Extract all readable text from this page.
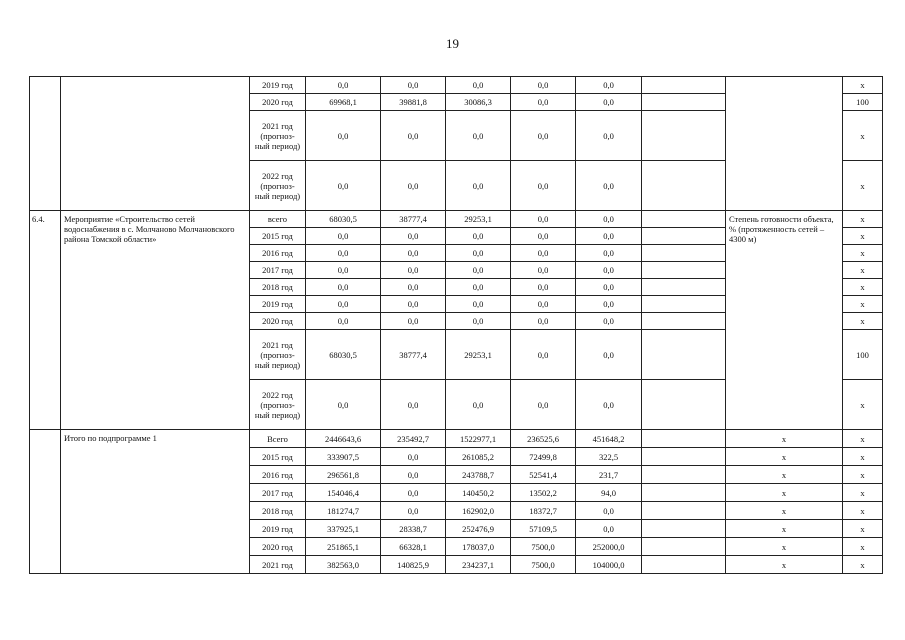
19
		2019 год	0,0	0,0	0,0	0,0	0,0			x
		2020 год	69968,1	39881,8	30086,3	0,0	0,0			100
		2021 год (прогноз-ный период)	0,0	0,0	0,0	0,0	0,0			x
		2022 год (прогноз-ный период)	0,0	0,0	0,0	0,0	0,0			x
6.4.	Мероприятие «Строительство сетей водоснабжения в с. Молчаново Молчановского района Томской области»	всего	68030,5	38777,4	29253,1	0,0	0,0		Степень готовности объекта, % (протяженность сетей – 4300 м)	x
		2015 год	0,0	0,0	0,0	0,0	0,0			x
		2016 год	0,0	0,0	0,0	0,0	0,0			x
		2017 год	0,0	0,0	0,0	0,0	0,0			x
		2018 год	0,0	0,0	0,0	0,0	0,0			x
		2019 год	0,0	0,0	0,0	0,0	0,0			x
		2020 год	0,0	0,0	0,0	0,0	0,0			x
		2021 год (прогноз-ный период)	68030,5	38777,4	29253,1	0,0	0,0			100
		2022 год (прогноз-ный период)	0,0	0,0	0,0	0,0	0,0			x
	Итого по подпрограмме 1	Всего	2446643,6	235492,7	1522977,1	236525,6	451648,2		x	x
		2015 год	333907,5	0,0	261085,2	72499,8	322,5		x	x
		2016 год	296561,8	0,0	243788,7	52541,4	231,7		x	x
		2017 год	154046,4	0,0	140450,2	13502,2	94,0		x	x
		2018 год	181274,7	0,0	162902,0	18372,7	0,0		x	x
		2019 год	337925,1	28338,7	252476,9	57109,5	0,0		x	x
		2020 год	251865,1	66328,1	178037,0	7500,0	252000,0		x	x
		2021 год	382563,0	140825,9	234237,1	7500,0	104000,0		x	x
